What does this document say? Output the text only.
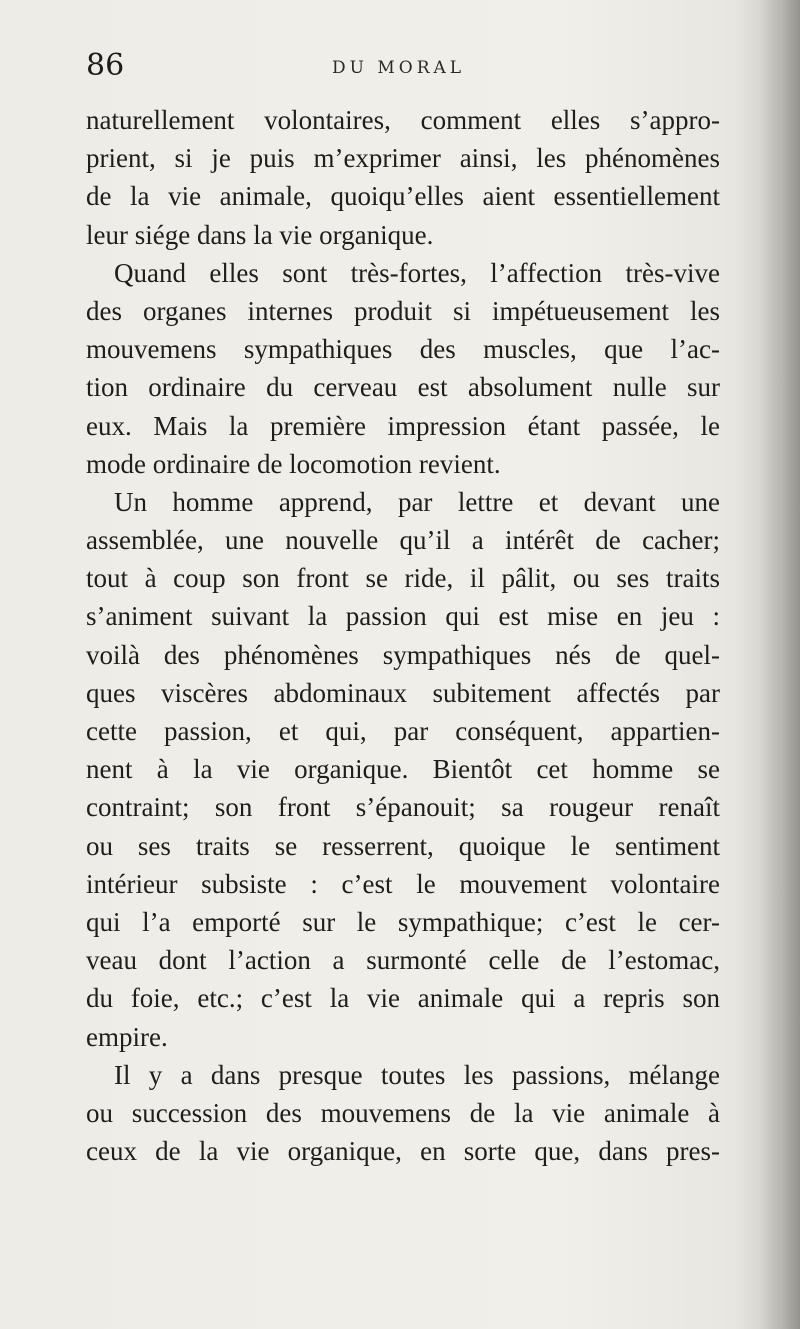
86	DU MORAL
naturellement volontaires, comment elles s’appro-
prient, si je puis m’exprimer ainsi, les phénomènes
de la vie animale, quoiqu’elles aient essentiellement
leur siége dans la vie organique.
Quand elles sont très-fortes, l’affection très-vive
des organes internes produit si impétueusement les
mouvemens sympathiques des muscles, que l’ac-
tion ordinaire du cerveau est absolument nulle sur
eux. Mais la première impression étant passée, le
mode ordinaire de locomotion revient.
Un homme apprend, par lettre et devant une
assemblée, une nouvelle qu’il a intérêt de cacher;
tout à coup son front se ride, il pâlit, ou ses traits
s’animent suivant la passion qui est mise en jeu :
voilà des phénomènes sympathiques nés de quel-
ques viscères abdominaux subitement affectés par
cette passion, et qui, par conséquent, appartien-
nent à la vie organique. Bientôt cet homme se
contraint; son front s’épanouit; sa rougeur renaît
ou ses traits se resserrent, quoique le sentiment
intérieur subsiste : c’est le mouvement volontaire
qui l’a emporté sur le sympathique; c’est le cer-
veau dont l’action a surmonté celle de l’estomac,
du foie, etc.; c’est la vie animale qui a repris son
empire.
Il y a dans presque toutes les passions, mélange
ou succession des mouvemens de la vie animale à
ceux de la vie organique, en sorte que, dans pres-
